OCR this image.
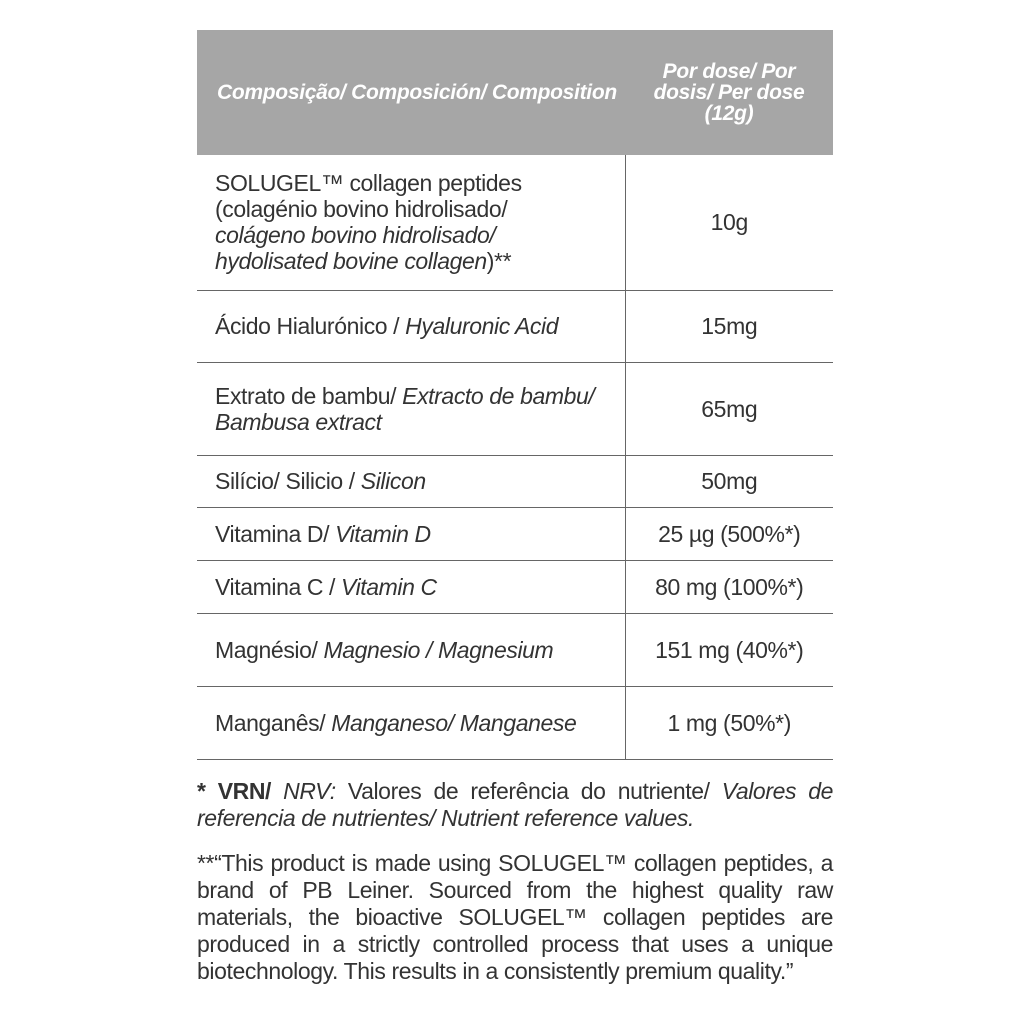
Composição/ Composición/ Composition	Por dose/ Por dosis/ Per dose (12g)
SOLUGEL™ collagen peptides
(colagénio bovino hidrolisado/
colágeno bovino hidrolisado/
hydolisated bovine collagen)**	10g
Ácido Hialurónico / Hyaluronic Acid	15mg
Extrato de bambu/ Extracto de bambu/ Bambusa extract	65mg
Silício/ Silicio / Silicon	50mg
Vitamina D/ Vitamin D	25 µg (500%*)
Vitamina C / Vitamin C	80 mg (100%*)
Magnésio/ Magnesio / Magnesium	151 mg (40%*)
Manganês/ Manganeso/ Manganese	1 mg (50%*)

* VRN/ NRV: Valores de referência do nutriente/ Valores de referencia de nutrientes/ Nutrient reference values.

**“This product is made using SOLUGEL™ collagen peptides, a brand of PB Leiner. Sourced from the highest quality raw materials, the bioactive SOLUGEL™ collagen peptides are produced in a strictly controlled process that uses a unique biotechnology. This results in a consistently premium quality.”
